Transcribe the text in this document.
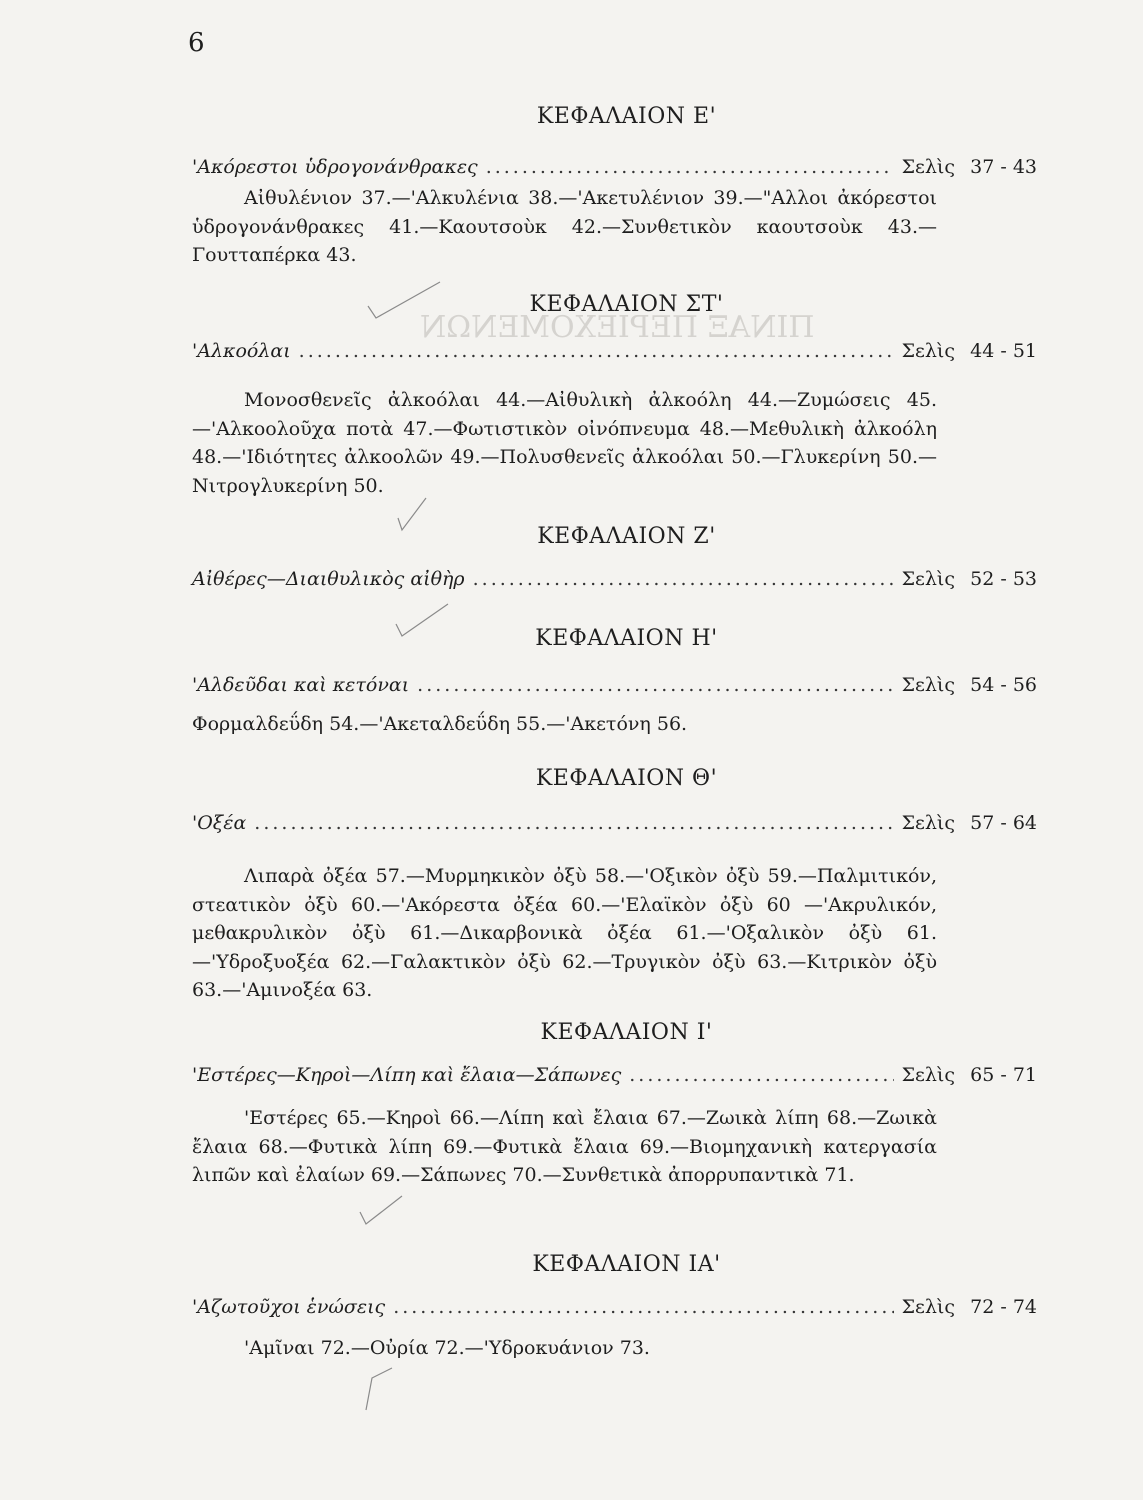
ΠΙΝΑΞ ΠΕΡΙΕΧΟΜΕΝΩΝ
6
ΚΕΦΑΛΑΙΟΝ Ε'
'Ακόρεστοι ὑδρογονάνθρακες .....	Σελὶς 37 - 43
Αἰθυλένιον 37.—'Αλκυλένια 38.—'Ακετυλένιον 39.—"Αλλοι ἀκόρεστοι ὑδρογονάνθρακες 41.—Καουτσοὺκ 42.—Συνθετικὸν καουτσοὺκ 43.—Γουτταπέρκα 43.
ΚΕΦΑΛΑΙΟΝ ΣΤ'
'Αλκοόλαι .....	Σελὶς 44 - 51
Μονοσθενεῖς ἀλκοόλαι 44.—Αἰθυλικὴ ἀλκοόλη 44.—Ζυμώσεις 45.—'Αλκοολοῦχα ποτὰ 47.—Φωτιστικὸν οἰνόπνευμα 48.—Μεθυλικὴ ἀλκοόλη 48.—'Ιδιότητες ἀλκοολῶν 49.—Πολυσθενεῖς ἀλκοόλαι 50.—Γλυκερίνη 50.—Νιτρογλυκερίνη 50.
ΚΕΦΑΛΑΙΟΝ Ζ'
Αἰθέρες—Διαιθυλικὸς αἰθὴρ .....	Σελὶς 52 - 53
ΚΕΦΑΛΑΙΟΝ Η'
'Αλδεῦδαι καὶ κετόναι .....	Σελὶς 54 - 56
Φορμαλδεΰδη 54.—'Ακεταλδεΰδη 55.—'Ακετόνη 56.
ΚΕΦΑΛΑΙΟΝ Θ'
'Οξέα .....	Σελὶς 57 - 64
Λιπαρὰ ὀξέα 57.—Μυρμηκικὸν ὀξὺ 58.—'Οξικὸν ὀξὺ 59.—Παλμιτικόν, στεατικὸν ὀξὺ 60.—'Ακόρεστα ὀξέα 60.—'Ελαϊκὸν ὀξὺ 60 —'Ακρυλικόν, μεθακρυλικὸν ὀξὺ 61.—Δικαρβονικὰ ὀξέα 61.—'Οξαλικὸν ὀξὺ 61.—'Υδροξυοξέα 62.—Γαλακτικὸν ὀξὺ 62.—Τρυγικὸν ὀξὺ 63.—Κιτρικὸν ὀξὺ 63.—'Αμινοξέα 63.
ΚΕΦΑΛΑΙΟΝ Ι'
'Εστέρες—Κηροὶ—Λίπη καὶ ἔλαια—Σάπωνες .....	Σελὶς 65 - 71
'Εστέρες 65.—Κηροὶ 66.—Λίπη καὶ ἔλαια 67.—Ζωικὰ λίπη 68.—Ζωικὰ ἔλαια 68.—Φυτικὰ λίπη 69.—Φυτικὰ ἔλαια 69.—Βιομηχανικὴ κατεργασία λιπῶν καὶ ἐλαίων 69.—Σάπωνες 70.—Συνθετικὰ ἀπορρυπαντικὰ 71.
ΚΕΦΑΛΑΙΟΝ ΙΑ'
'Αζωτοῦχοι ἑνώσεις .....	Σελὶς 72 - 74
'Αμῖναι 72.—Οὐρία 72.—'Υδροκυάνιον 73.
